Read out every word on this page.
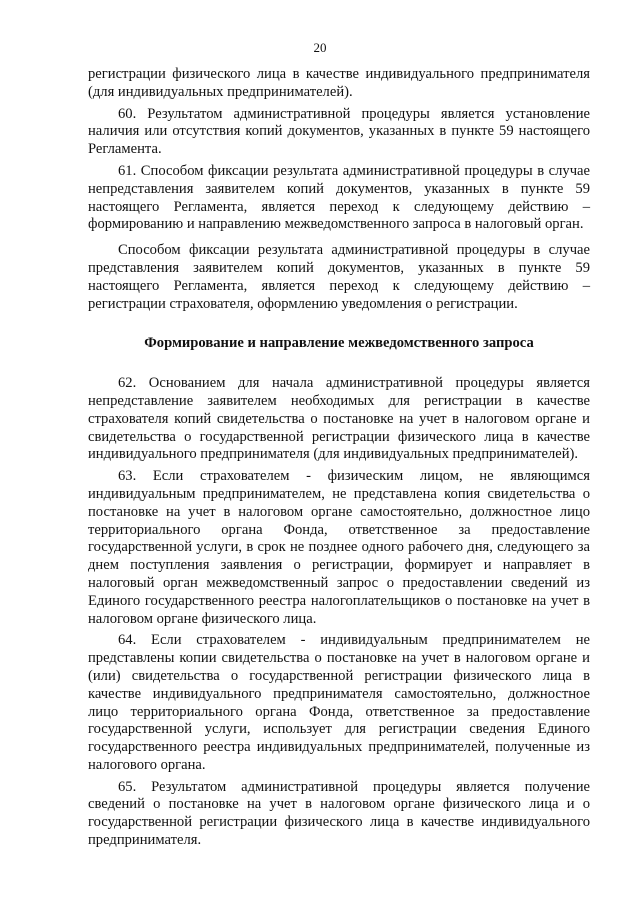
20

регистрации физического лица в качестве индивидуального предпринимателя (для индивидуальных предпринимателей).

60. Результатом административной процедуры является установление наличия или отсутствия копий документов, указанных в пункте 59 настоящего Регламента.

61. Способом фиксации результата административной процедуры в случае непредставления заявителем копий документов, указанных в пункте 59 настоящего Регламента, является переход к следующему действию – формированию и направлению межведомственного запроса в налоговый орган.

Способом фиксации результата административной процедуры в случае представления заявителем копий документов, указанных в пункте 59 настоящего Регламента, является переход к следующему действию – регистрации страхователя, оформлению уведомления о регистрации.

Формирование и направление межведомственного запроса

62. Основанием для начала административной процедуры является непредставление заявителем необходимых для регистрации в качестве страхователя копий свидетельства о постановке на учет в налоговом органе и свидетельства о государственной регистрации физического лица в качестве индивидуального предпринимателя (для индивидуальных предпринимателей).

63. Если страхователем - физическим лицом, не являющимся индивидуальным предпринимателем, не представлена копия свидетельства о постановке на учет в налоговом органе самостоятельно, должностное лицо территориального органа Фонда, ответственное за предоставление государственной услуги, в срок не позднее одного рабочего дня, следующего за днем поступления заявления о регистрации, формирует и направляет в налоговый орган межведомственный запрос о предоставлении сведений из Единого государственного реестра налогоплательщиков о постановке на учет в налоговом органе физического лица.

64. Если страхователем - индивидуальным предпринимателем не представлены копии свидетельства о постановке на учет в налоговом органе и (или) свидетельства о государственной регистрации физического лица в качестве индивидуального предпринимателя самостоятельно, должностное лицо территориального органа Фонда, ответственное за предоставление государственной услуги, использует для регистрации сведения Единого государственного реестра индивидуальных предпринимателей, полученные из налогового органа.

65. Результатом административной процедуры является получение сведений о постановке на учет в налоговом органе физического лица и о государственной регистрации физического лица в качестве индивидуального предпринимателя.
